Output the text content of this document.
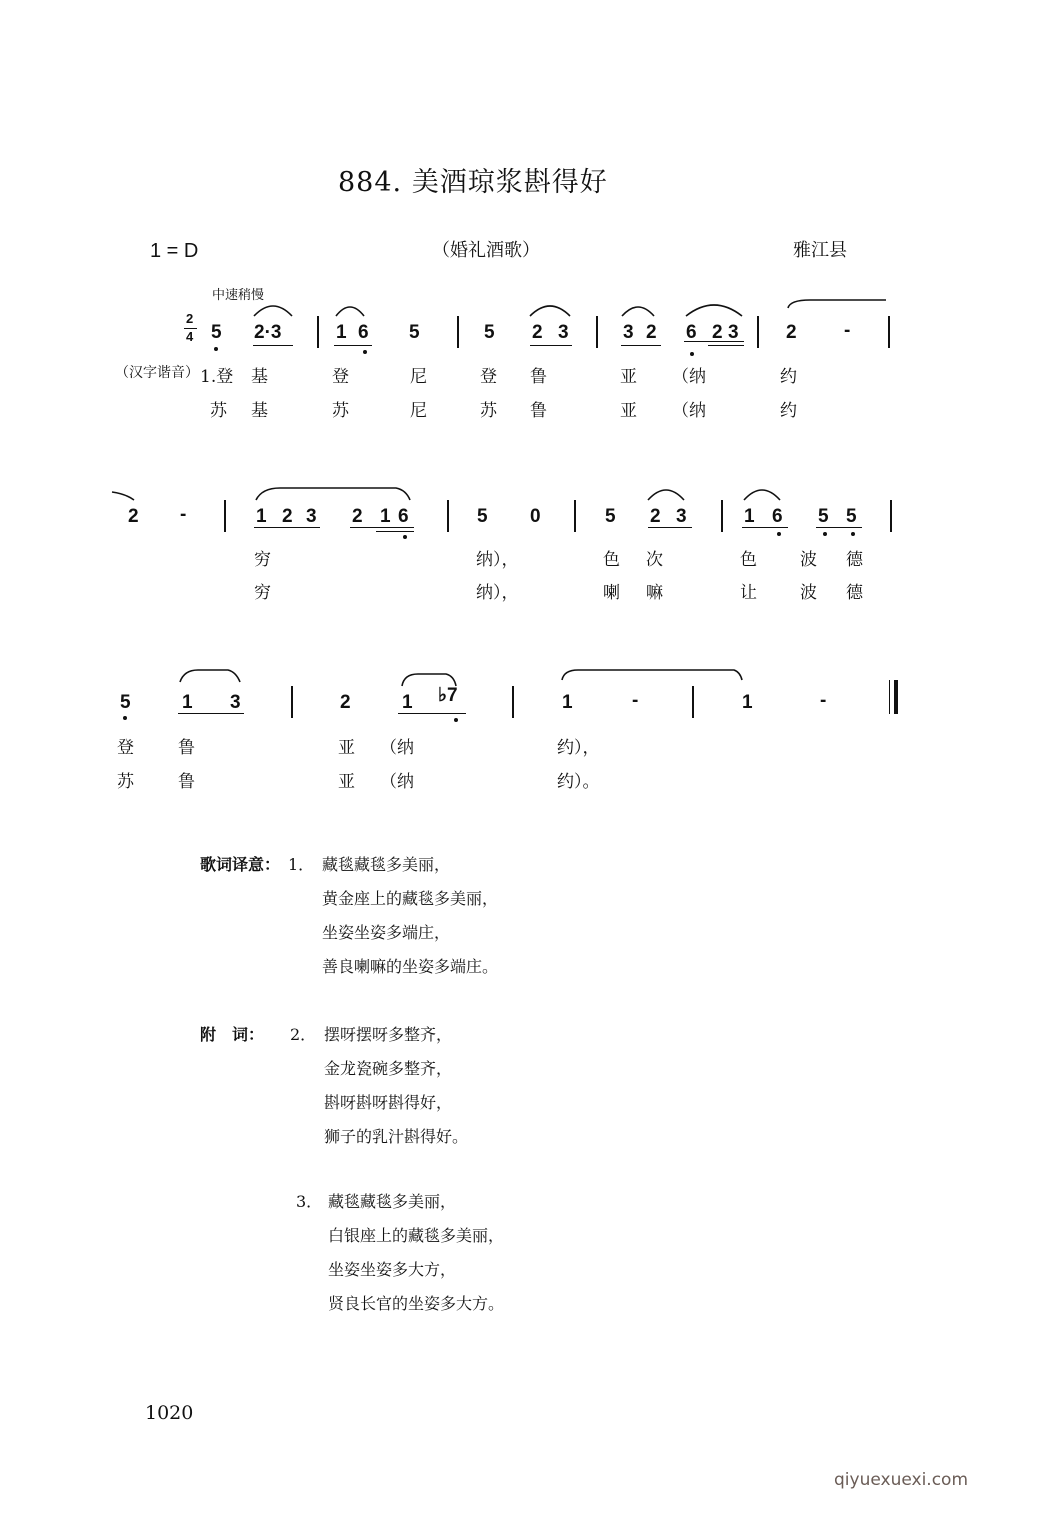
884. 美酒琼浆斟得好
1 = D	（婚礼酒歌）	雅江县
中速稍慢
2
4 5 2·3	1 6 5	5 2 3	3 2 6 2 3 2 -
（汉字谐音） 1.登 基	登	尼	登 鲁	亚 （纳	约
苏 基	苏	尼	苏 鲁	亚 （纳	约
2 -	1 2 3 2 1 6	5 0	5 2 3	1 6 5 5
穷	纳），	色 次	色	波 德
穷	纳），	喇 嘛	让	波 德
5	1 3	2	1 ♭7	1	-	1	-
登	鲁	亚 （纳	约），
苏	鲁	亚 （纳	约）。
歌词译意： 1． 藏毯藏毯多美丽，
黄金座上的藏毯多美丽，
坐姿坐姿多端庄，
善良喇嘛的坐姿多端庄。
附　词： 2． 摆呀摆呀多整齐，
金龙瓷碗多整齐，
斟呀斟呀斟得好，
狮子的乳汁斟得好。
3． 藏毯藏毯多美丽，
白银座上的藏毯多美丽，
坐姿坐姿多大方，
贤良长官的坐姿多大方。
1020
qiyuexuexi.com
